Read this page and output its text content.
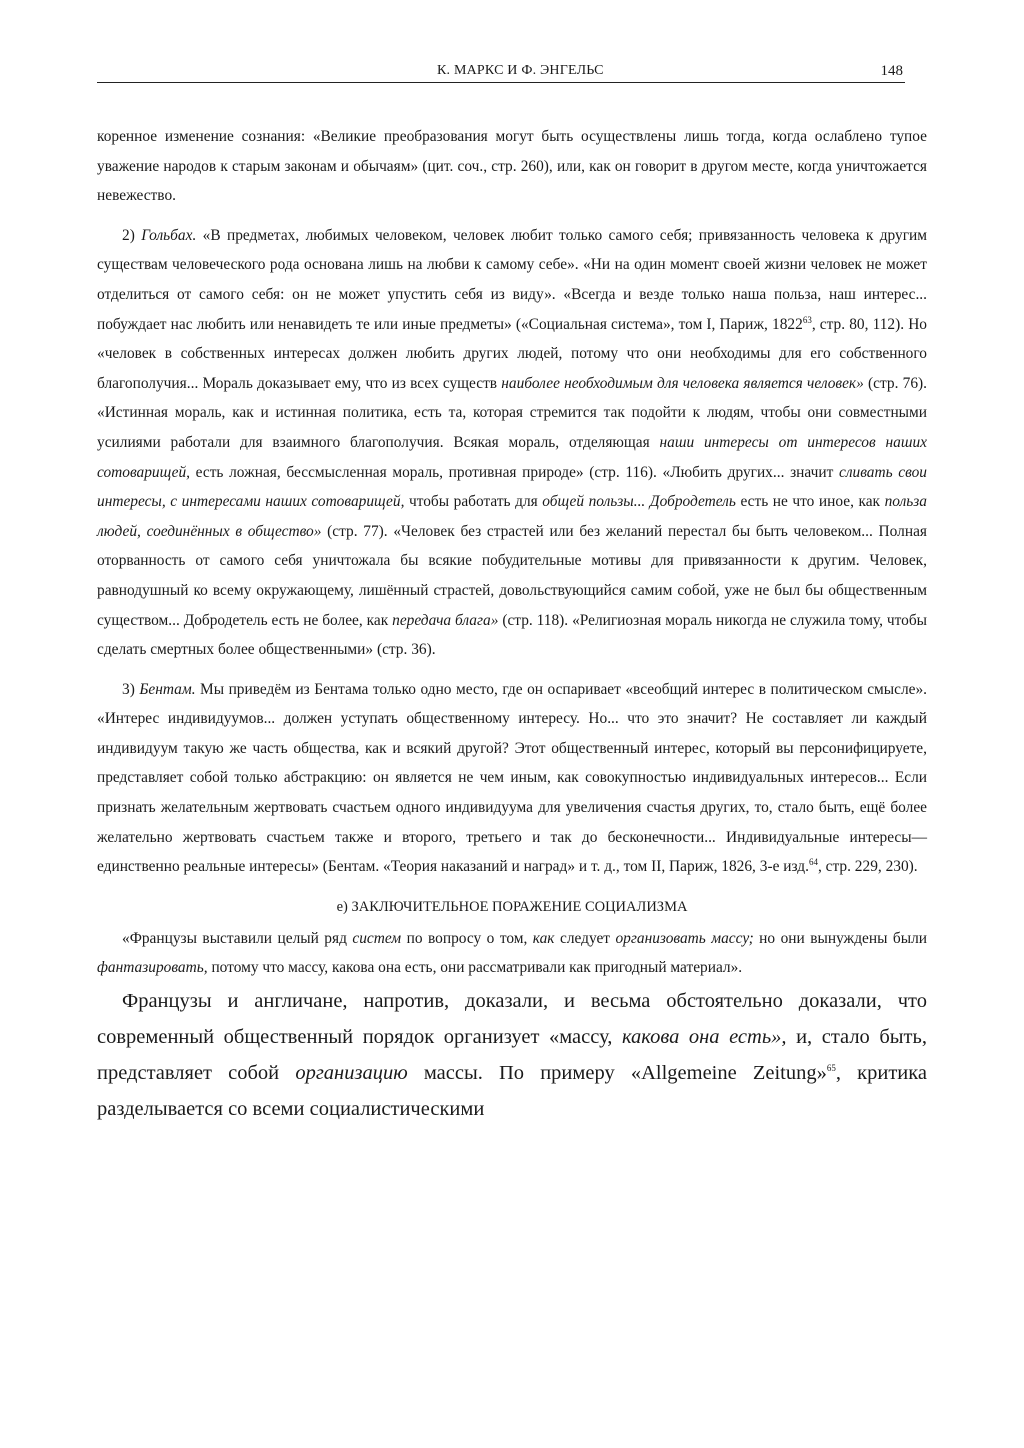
К. МАРКС И Ф. ЭНГЕЛЬС	148

коренное изменение сознания: «Великие преобразования могут быть осуществлены лишь тогда, когда ослаблено тупое уважение народов к старым законам и обычаям» (цит. соч., стр. 260), или, как он говорит в другом месте, когда уничтожается невежество.

2) Гольбах. «В предметах, любимых человеком, человек любит только самого себя; привязанность человека к другим существам человеческого рода основана лишь на любви к самому себе». «Ни на один момент своей жизни человек не может отделиться от самого себя: он не может упустить себя из виду». «Всегда и везде только наша польза, наш интерес... побуждает нас любить или ненавидеть те или иные предметы» («Социальная система», том I, Париж, 1822$^{63}$, стр. 80, 112). Но «человек в собственных интересах должен любить других людей, потому что они необходимы для его собственного благополучия... Мораль доказывает ему, что из всех существ наиболее необходимым для человека является человек» (стр. 76). «Истинная мораль, как и истинная политика, есть та, которая стремится так подойти к людям, чтобы они совместными усилиями работали для взаимного благополучия. Всякая мораль, отделяющая наши интересы от интересов наших сотоварищей, есть ложная, бессмысленная мораль, противная природе» (стр. 116). «Любить других... значит сливать свои интересы, с интересами наших сотоварищей, чтобы работать для общей пользы... Добродетель есть не что иное, как польза людей, соединённых в общество» (стр. 77). «Человек без страстей или без желаний перестал бы быть человеком... Полная оторванность от самого себя уничтожала бы всякие побудительные мотивы для привязанности к другим. Человек, равнодушный ко всему окружающему, лишённый страстей, довольствующийся самим собой, уже не был бы общественным существом... Добродетель есть не более, как передача блага» (стр. 118). «Религиозная мораль никогда не служила тому, чтобы сделать смертных более общественными» (стр. 36).

3) Бентам. Мы приведём из Бентама только одно место, где он оспаривает «всеобщий интерес в политическом смысле». «Интерес индивидуумов... должен уступать общественному интересу. Но... что это значит? Не составляет ли каждый индивидуум такую же часть общества, как и всякий другой? Этот общественный интерес, который вы персонифицируете, представляет собой только абстракцию: он является не чем иным, как совокупностью индивидуальных интересов... Если признать желательным жертвовать счастьем одного индивидуума для увеличения счастья других, то, стало быть, ещё более желательно жертвовать счастьем также и второго, третьего и так до бесконечности... Индивидуальные интересы— единственно реальные интересы» (Бентам. «Теория наказаний и наград» и т. д., том II, Париж, 1826, 3-е изд.$^{64}$, стр. 229, 230).

e) ЗАКЛЮЧИТЕЛЬНОЕ ПОРАЖЕНИЕ СОЦИАЛИЗМА

«Французы выставили целый ряд систем по вопросу о том, как следует организовать массу; но они вынуждены были фантазировать, потому что массу, какова она есть, они рассматривали как пригодный материал».

Французы и англичане, напротив, доказали, и весьма обстоятельно доказали, что современный общественный порядок организует «массу, какова она есть», и, стало быть, представляет собой организацию массы. По примеру «Allgemeine Zeitung»$^{65}$, критика разделывается со всеми социалистическими
